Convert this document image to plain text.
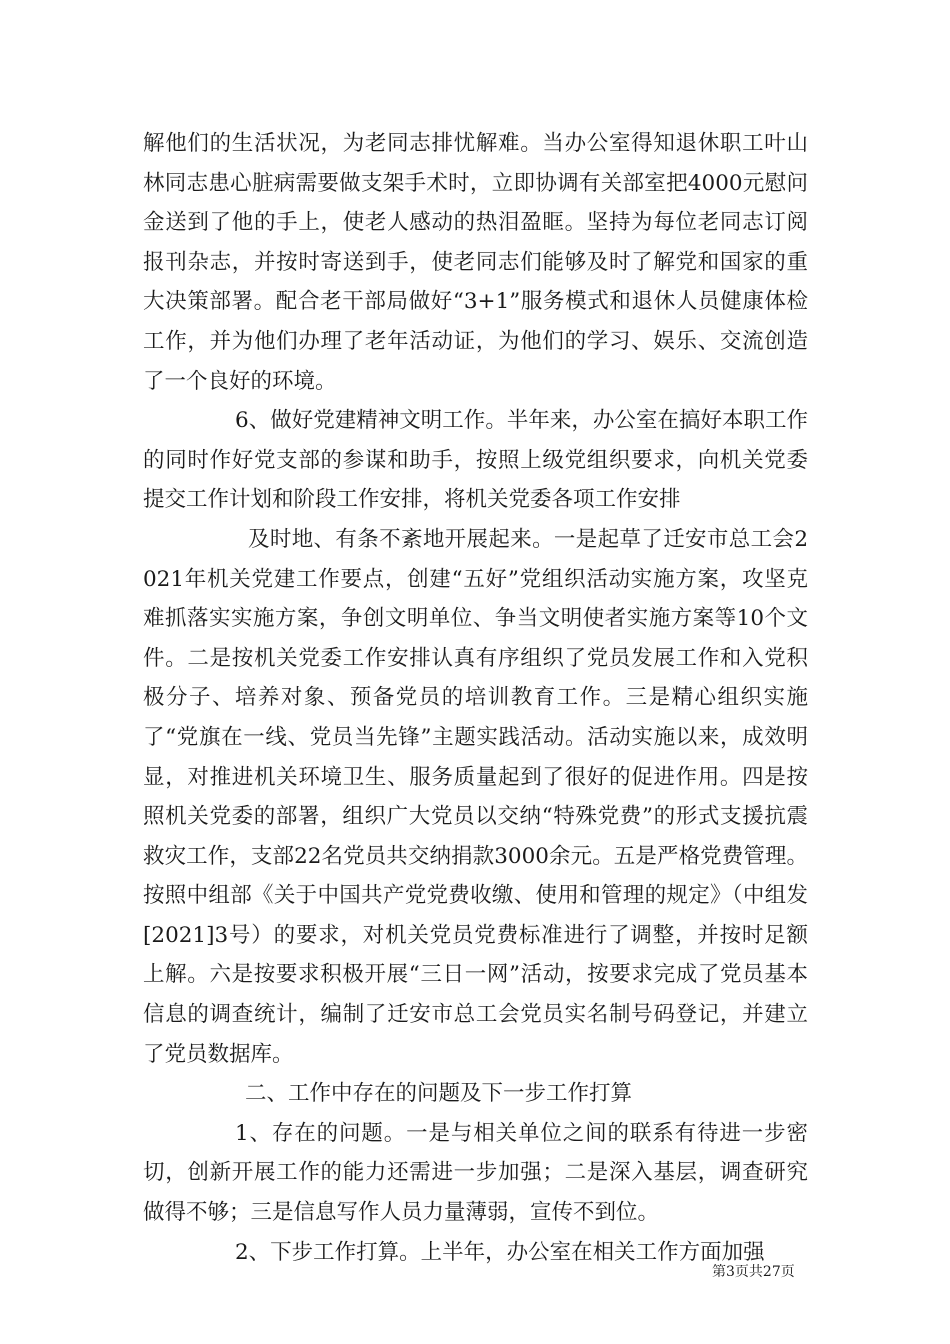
解他们的生活状况，为老同志排忧解难。当办公室得知退休职工叶山林同志患心脏病需要做支架手术时，立即协调有关部室把4000元慰问金送到了他的手上，使老人感动的热泪盈眶。坚持为每位老同志订阅报刊杂志，并按时寄送到手，使老同志们能够及时了解党和国家的重大决策部署。配合老干部局做好“3+1”服务模式和退休人员健康体检工作，并为他们办理了老年活动证，为他们的学习、娱乐、交流创造了一个良好的环境。

6、做好党建精神文明工作。半年来，办公室在搞好本职工作的同时作好党支部的参谋和助手，按照上级党组织要求，向机关党委提交工作计划和阶段工作安排，将机关党委各项工作安排

及时地、有条不紊地开展起来。一是起草了迁安市总工会2021年机关党建工作要点，创建“五好”党组织活动实施方案，攻坚克难抓落实实施方案，争创文明单位、争当文明使者实施方案等10个文件。二是按机关党委工作安排认真有序组织了党员发展工作和入党积极分子、培养对象、预备党员的培训教育工作。三是精心组织实施了“党旗在一线、党员当先锋”主题实践活动。活动实施以来，成效明显，对推进机关环境卫生、服务质量起到了很好的促进作用。四是按照机关党委的部署，组织广大党员以交纳“特殊党费”的形式支援抗震救灾工作，支部22名党员共交纳捐款3000余元。五是严格党费管理。按照中组部《关于中国共产党党费收缴、使用和管理的规定》（中组发[2021]3号）的要求，对机关党员党费标准进行了调整，并按时足额上解。六是按要求积极开展“三日一网”活动，按要求完成了党员基本信息的调查统计，编制了迁安市总工会党员实名制号码登记，并建立了党员数据库。

二、工作中存在的问题及下一步工作打算

1、存在的问题。一是与相关单位之间的联系有待进一步密切，创新开展工作的能力还需进一步加强；二是深入基层，调查研究做得不够；三是信息写作人员力量薄弱，宣传不到位。

2、下步工作打算。上半年，办公室在相关工作方面加强

第3页共27页
